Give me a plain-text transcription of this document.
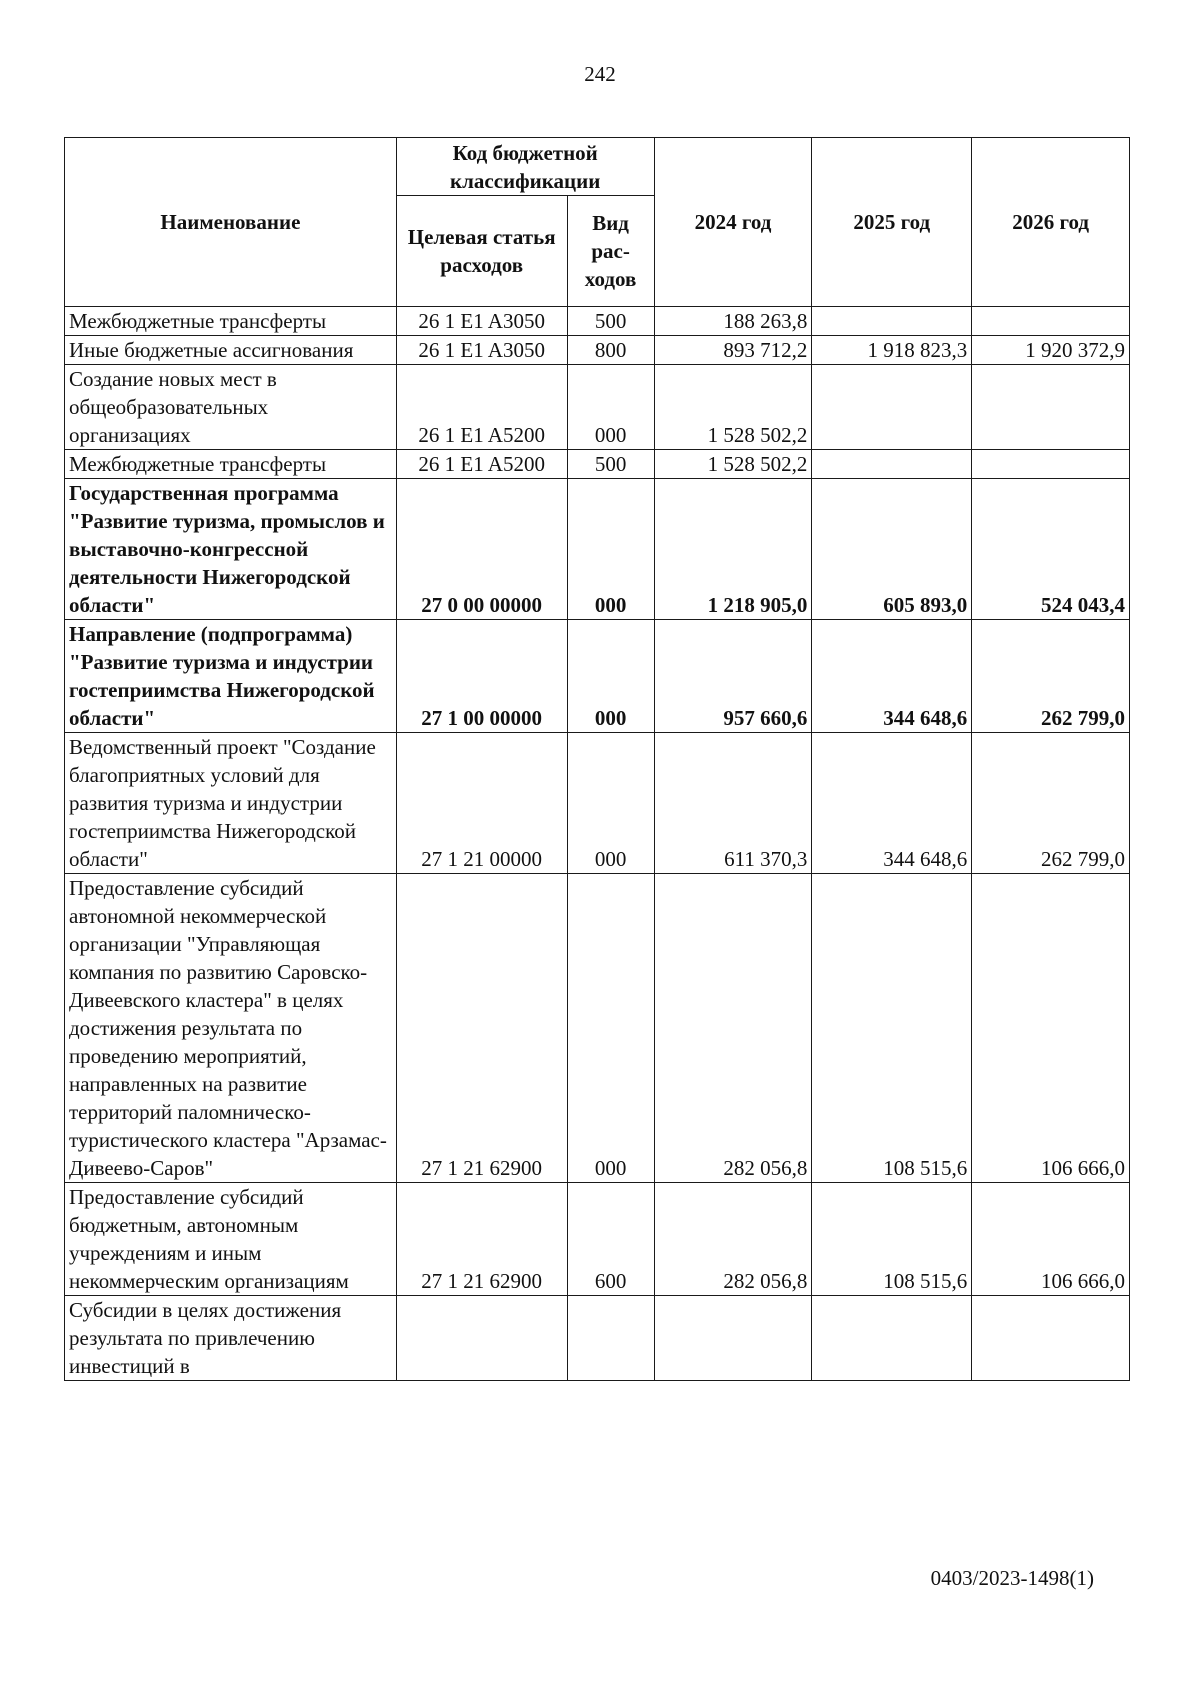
242
Наименование	Код бюджетной классификации		2024 год	2025 год	2026 год
	Целевая статья расходов	Вид рас-ходов			
Межбюджетные трансферты	26 1 E1 A3050	500	188 263,8		
Иные бюджетные ассигнования	26 1 E1 A3050	800	893 712,2	1 918 823,3	1 920 372,9
Создание новых мест в общеобразовательных организациях	26 1 E1 A5200	000	1 528 502,2		
Межбюджетные трансферты	26 1 E1 A5200	500	1 528 502,2		
Государственная программа "Развитие туризма, промыслов и выставочно-конгрессной деятельности Нижегородской области"	27 0 00 00000	000	1 218 905,0	605 893,0	524 043,4
Направление (подпрограмма) "Развитие туризма и индустрии гостеприимства Нижегородской области"	27 1 00 00000	000	957 660,6	344 648,6	262 799,0
Ведомственный проект "Создание благоприятных условий для развития туризма и индустрии гостеприимства Нижегородской области"	27 1 21 00000	000	611 370,3	344 648,6	262 799,0
Предоставление субсидий автономной некоммерческой организации "Управляющая компания по развитию Саровско-Дивеевского кластера" в целях достижения результата по проведению мероприятий, направленных на развитие территорий паломническо-туристического кластера "Арзамас-Дивеево-Саров"	27 1 21 62900	000	282 056,8	108 515,6	106 666,0
Предоставление субсидий бюджетным, автономным учреждениям и иным некоммерческим организациям	27 1 21 62900	600	282 056,8	108 515,6	106 666,0
Субсидии в целях достижения результата по привлечению инвестиций в					
0403/2023-1498(1)
